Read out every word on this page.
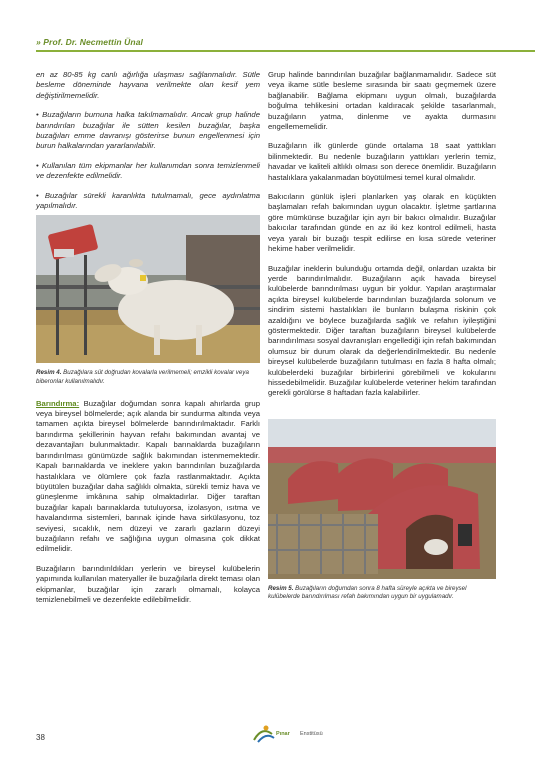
» Prof. Dr. Necmettin Ünal

en az 80-85 kg canlı ağırlığa ulaşması sağlanmalıdır. Sütle besleme döneminde hayvana verilmekte olan kesif yem değiştirilmemelidir.

• Buzağıların burnuna halka takılmamalıdır. Ancak grup halinde barındırılan buzağılar ile sütten kesilen buzağılar, başka buzağıları emme davranışı gösterirse bunun engellenmesi için burun halkalarından yararlanılabilir.

• Kullanılan tüm ekipmanlar her kullanımdan sonra temizlenmeli ve dezenfekte edilmelidir.

• Buzağılar sürekli karanlıkta tutulmamalı, gece aydınlatma yapılmalıdır.

Resim 4. Buzağılara süt doğrudan kovalarla verilmemeli; emzikli kovalar veya biberonlar kullanılmalıdır.

Barındırma: Buzağılar doğumdan sonra kapalı ahırlarda grup veya bireysel bölmelerde; açık alanda bir sundurma altında veya tamamen açıkta bireysel bölmelerde barındırılmaktadır. Farklı barındırma şekillerinin hayvan refahı bakımından avantaj ve dezavantajları bulunmaktadır. Kapalı barınaklarda buzağıların barındırılması günümüzde sağlık bakımından istenmemektedir. Kapalı barınaklarda ve ineklere yakın barındırılan buzağılarda hastalıklara ve ölümlere çok fazla rastlanmaktadır. Açıkta büyütülen buzağılar daha sağlıklı olmakta, sürekli temiz hava ve güneşlenme imkânına sahip olmaktadırlar. Diğer taraftan buzağılar kapalı barınaklarda tutuluyorsa, izolasyon, ısıtma ve havalandırma sistemleri, barınak içinde hava sirkülasyonu, toz seviyesi, sıcaklık, nem düzeyi ve zararlı gazların düzeyi buzağıların refahı ve sağlığına uygun olmasına çok dikkat edilmelidir.

Buzağıların barındırıldıkları yerlerin ve bireysel kulübelerin yapımında kullanılan materyaller ile buzağılarla direkt teması olan ekipmanlar, buzağılar için zararlı olmamalı, kolayca temizlenebilmeli ve dezenfekte edilebilmelidir.

Grup halinde barındırılan buzağılar bağlanmamalıdır. Sadece süt veya ikame sütle besleme sırasında bir saatı geçmemek üzere bağlanabilir. Bağlama ekipmanı uygun olmalı, buzağılarda boğulma tehlikesini ortadan kaldıracak şekilde tasarlanmalı, buzağıların yatma, dinlenme ve ayakta durmasını engellememelidir.

Buzağıların ilk günlerde günde ortalama 18 saat yattıkları bilinmektedir. Bu nedenle buzağıların yattıkları yerlerin temiz, havadar ve kaliteli altlıklı olması son derece önemlidir. Buzağıların hastalıklara yakalanmadan büyütülmesi temel kural olmalıdır.

Bakıcıların günlük işleri planlarken yaş olarak en küçükten başlamaları refah bakımından uygun olacaktır. İşletme şartlarına göre mümkünse buzağılar için ayrı bir bakıcı olmalıdır. Buzağılar bakıcılar tarafından günde en az iki kez kontrol edilmeli, hasta veya yaralı bir buzağı tespit edilirse en kısa sürede veteriner hekime haber verilmelidir.

Buzağılar ineklerin bulunduğu ortamda değil, onlardan uzakta bir yerde barındırılmalıdır. Buzağıların açık havada bireysel kulübelerde barındırılması uygun bir yoldur. Yapılan araştırmalar açıkta bireysel kulübelerde barındırılan buzağılarda solonum ve sindirim sistemi hastalıkları ile bunların bulaşma riskinin çok azaldığını ve böylece buzağılarda sağlık ve refahın iyileştiğini göstermektedir. Diğer taraftan buzağıların bireysel kulübelerde barındırılması sosyal davranışları engellediği için refah bakımından olumsuz bir durum olarak da değerlendirilmektedir. Bu nedenle bireysel kulübelerde buzağıların tutulması en fazla 8 hafta olmalı; kulübelerdeki buzağılar birbirlerini görebilmeli ve kokularını hissedebilmelidir. Buzağılar kulübelerde veteriner hekim tarafından gerekli görülürse 8 haftadan fazla kalabilirler.

Resim 5. Buzağıların doğumdan sonra 8 hafta süreyle açıkta ve bireysel kulübelerde barındırılması refah bakımından uygun bir uygulamadır.
38	Pınar Enstitüsü
